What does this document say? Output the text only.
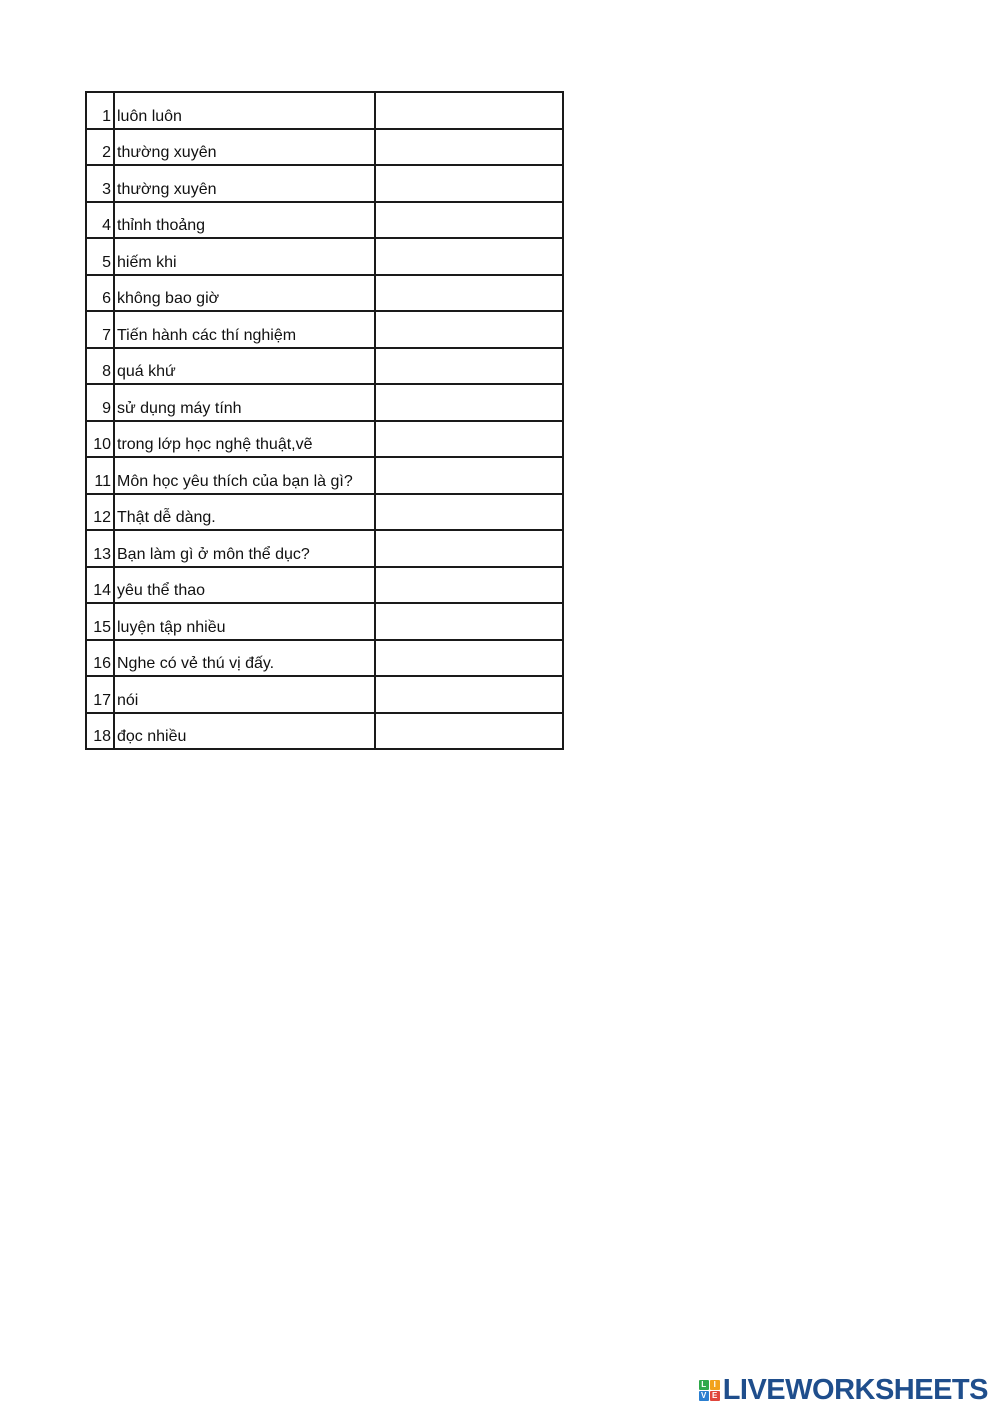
1	luôn luôn	

2	thường xuyên	

3	thường xuyên	

4	thỉnh thoảng	

5	hiếm khi	

6	không bao giờ	

7	Tiến hành các thí nghiệm	

8	quá khứ	

9	sử dụng máy tính	

10	trong lớp học nghệ thuật,vẽ	

11	Môn học yêu thích của bạn là gì?	

12	Thật dễ dàng.	

13	Bạn làm gì ở môn thể dục?	

14	yêu thể thao	

15	luyện tập nhiều	

16	Nghe có vẻ thú vị đấy.	

17	nói	

18	đọc nhiều	
L I
V E LIVEWORKSHEETS
